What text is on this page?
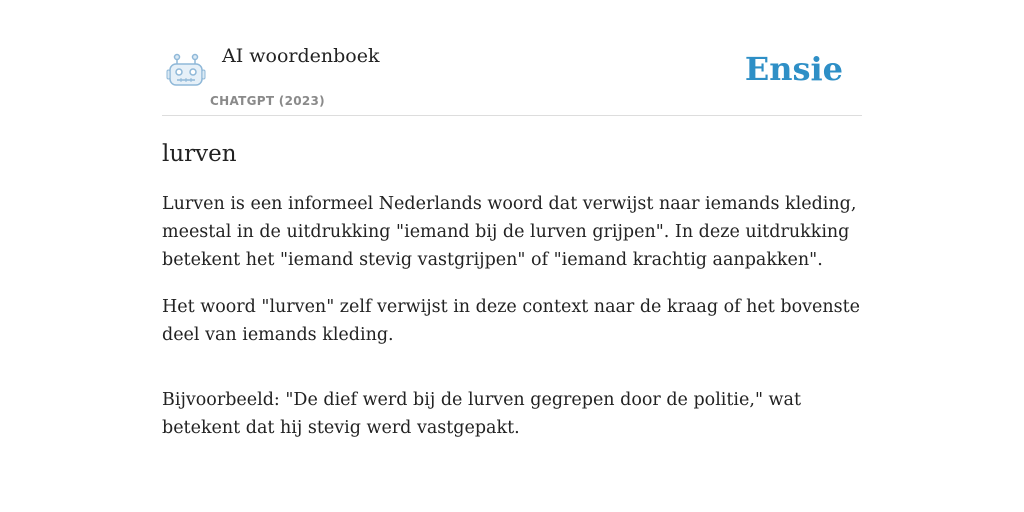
AI woordenboek
CHATGPT (2023)
Ensie
lurven

Lurven is een informeel Nederlands woord dat verwijst naar iemands kleding, meestal in de uitdrukking "iemand bij de lurven grijpen". In deze uitdrukking betekent het "iemand stevig vastgrijpen" of "iemand krachtig aanpakken".

Het woord "lurven" zelf verwijst in deze context naar de kraag of het bovenste deel van iemands kleding.

Bijvoorbeeld: "De dief werd bij de lurven gegrepen door de politie," wat betekent dat hij stevig werd vastgepakt.
